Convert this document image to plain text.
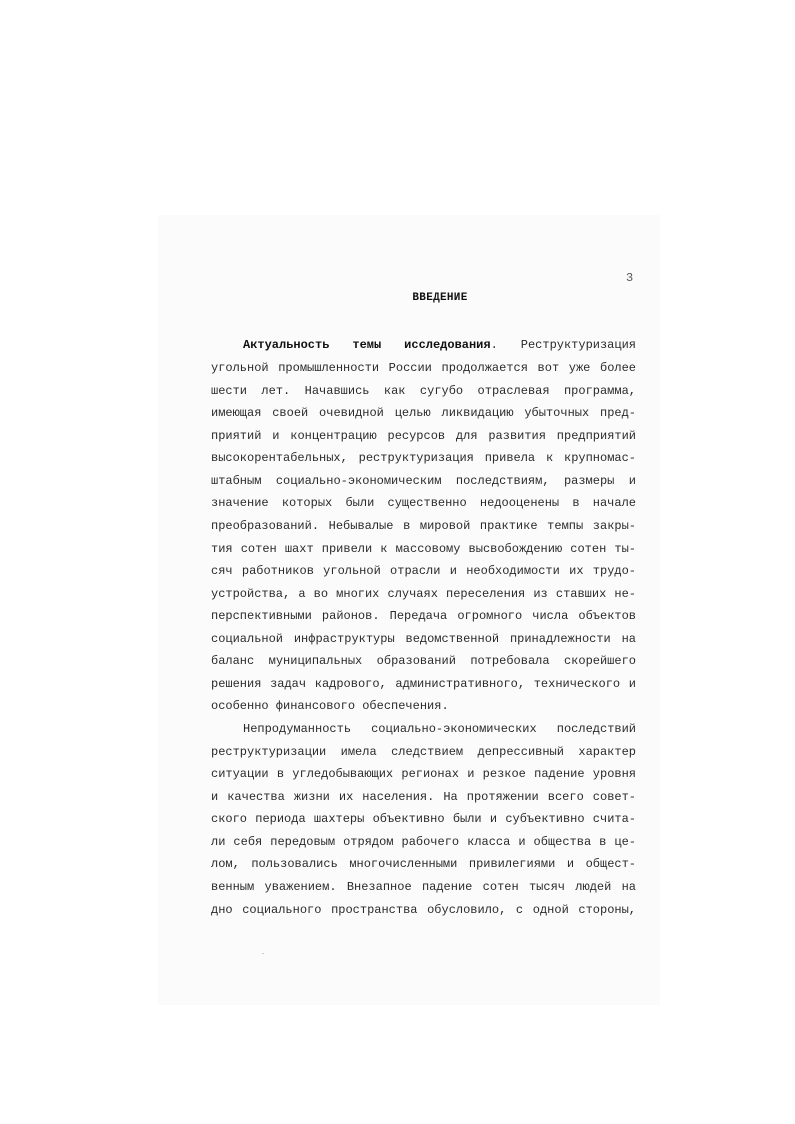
3
ВВЕДЕНИЕ
Актуальность темы исследования. Реструктуризация
угольной промышленности России продолжается вот уже более
шести лет. Начавшись как сугубо отраслевая программа,
имеющая своей очевидной целью ликвидацию убыточных пред-
приятий и концентрацию ресурсов для развития предприятий
высокорентабельных, реструктуризация привела к крупномас-
штабным социально-экономическим последствиям, размеры и
значение которых были существенно недооценены в начале
преобразований. Небывалые в мировой практике темпы закры-
тия сотен шахт привели к массовому высвобождению сотен ты-
сяч работников угольной отрасли и необходимости их трудо-
устройства, а во многих случаях переселения из ставших не-
перспективными районов. Передача огромного числа объектов
социальной инфраструктуры ведомственной принадлежности на
баланс муниципальных образований потребовала скорейшего
решения задач кадрового, административного, технического и
особенно финансового обеспечения.
Непродуманность социально-экономических последствий
реструктуризации имела следствием депрессивный характер
ситуации в угледобывающих регионах и резкое падение уровня
и качества жизни их населения. На протяжении всего совет-
ского периода шахтеры объективно были и субъективно счита-
ли себя передовым отрядом рабочего класса и общества в це-
лом, пользовались многочисленными привилегиями и общест-
венным уважением. Внезапное падение сотен тысяч людей на
дно социального пространства обусловило, с одной стороны,
